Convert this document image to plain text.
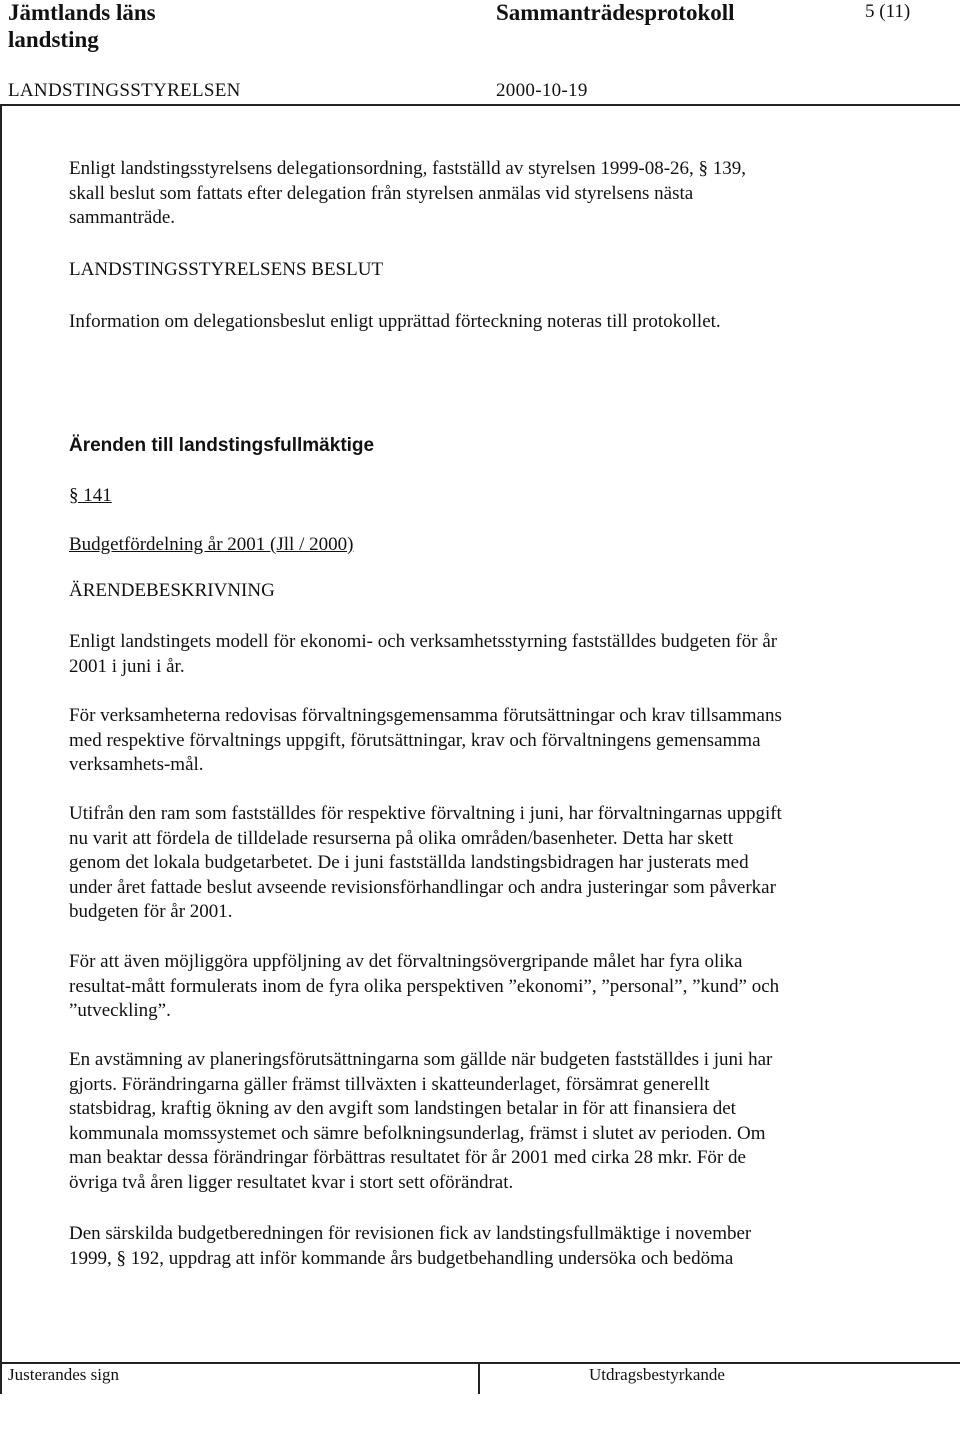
Jämtlands läns
landsting
Sammanträdesprotokoll	5 (11)
LANDSTINGSSTYRELSEN	2000-10-19
Enligt landstingsstyrelsens delegationsordning, fastställd av styrelsen 1999-08-26, § 139,
skall beslut som fattats efter delegation från styrelsen anmälas vid styrelsens nästa
sammanträde.
LANDSTINGSSTYRELSENS BESLUT
Information om delegationsbeslut enligt upprättad förteckning noteras till protokollet.
Ärenden till landstingsfullmäktige
§ 141
Budgetfördelning år 2001 (Jll / 2000)
ÄRENDEBESKRIVNING
Enligt landstingets modell för ekonomi- och verksamhetsstyrning fastställdes budgeten för år
2001 i juni i år.
För verksamheterna redovisas förvaltningsgemensamma förutsättningar och krav tillsammans
med respektive förvaltnings uppgift, förutsättningar, krav och förvaltningens gemensamma
verksamhets-mål.
Utifrån den ram som fastställdes för respektive förvaltning i juni, har förvaltningarnas uppgift
nu varit att fördela de tilldelade resurserna på olika områden/basenheter. Detta har skett
genom det lokala budgetarbetet. De i juni fastställda landstingsbidragen har justerats med
under året fattade beslut avseende revisionsförhandlingar och andra justeringar som påverkar
budgeten för år 2001.
För att även möjliggöra uppföljning av det förvaltningsövergripande målet har fyra olika
resultat-mått formulerats inom de fyra olika perspektiven ”ekonomi”, ”personal”, ”kund” och
”utveckling”.
En avstämning av planeringsförutsättningarna som gällde när budgeten fastställdes i juni har
gjorts. Förändringarna gäller främst tillväxten i skatteunderlaget, försämrat generellt
statsbidrag, kraftig ökning av den avgift som landstingen betalar in för att finansiera det
kommunala momssystemet och sämre befolkningsunderlag, främst i slutet av perioden. Om
man beaktar dessa förändringar förbättras resultatet för år 2001 med cirka 28 mkr. För de
övriga två åren ligger resultatet kvar i stort sett oförändrat.
Den särskilda budgetberedningen för revisionen fick av landstingsfullmäktige i november
1999, § 192, uppdrag att inför kommande års budgetbehandling undersöka och bedöma
Justerandes sign	Utdragsbestyrkande
